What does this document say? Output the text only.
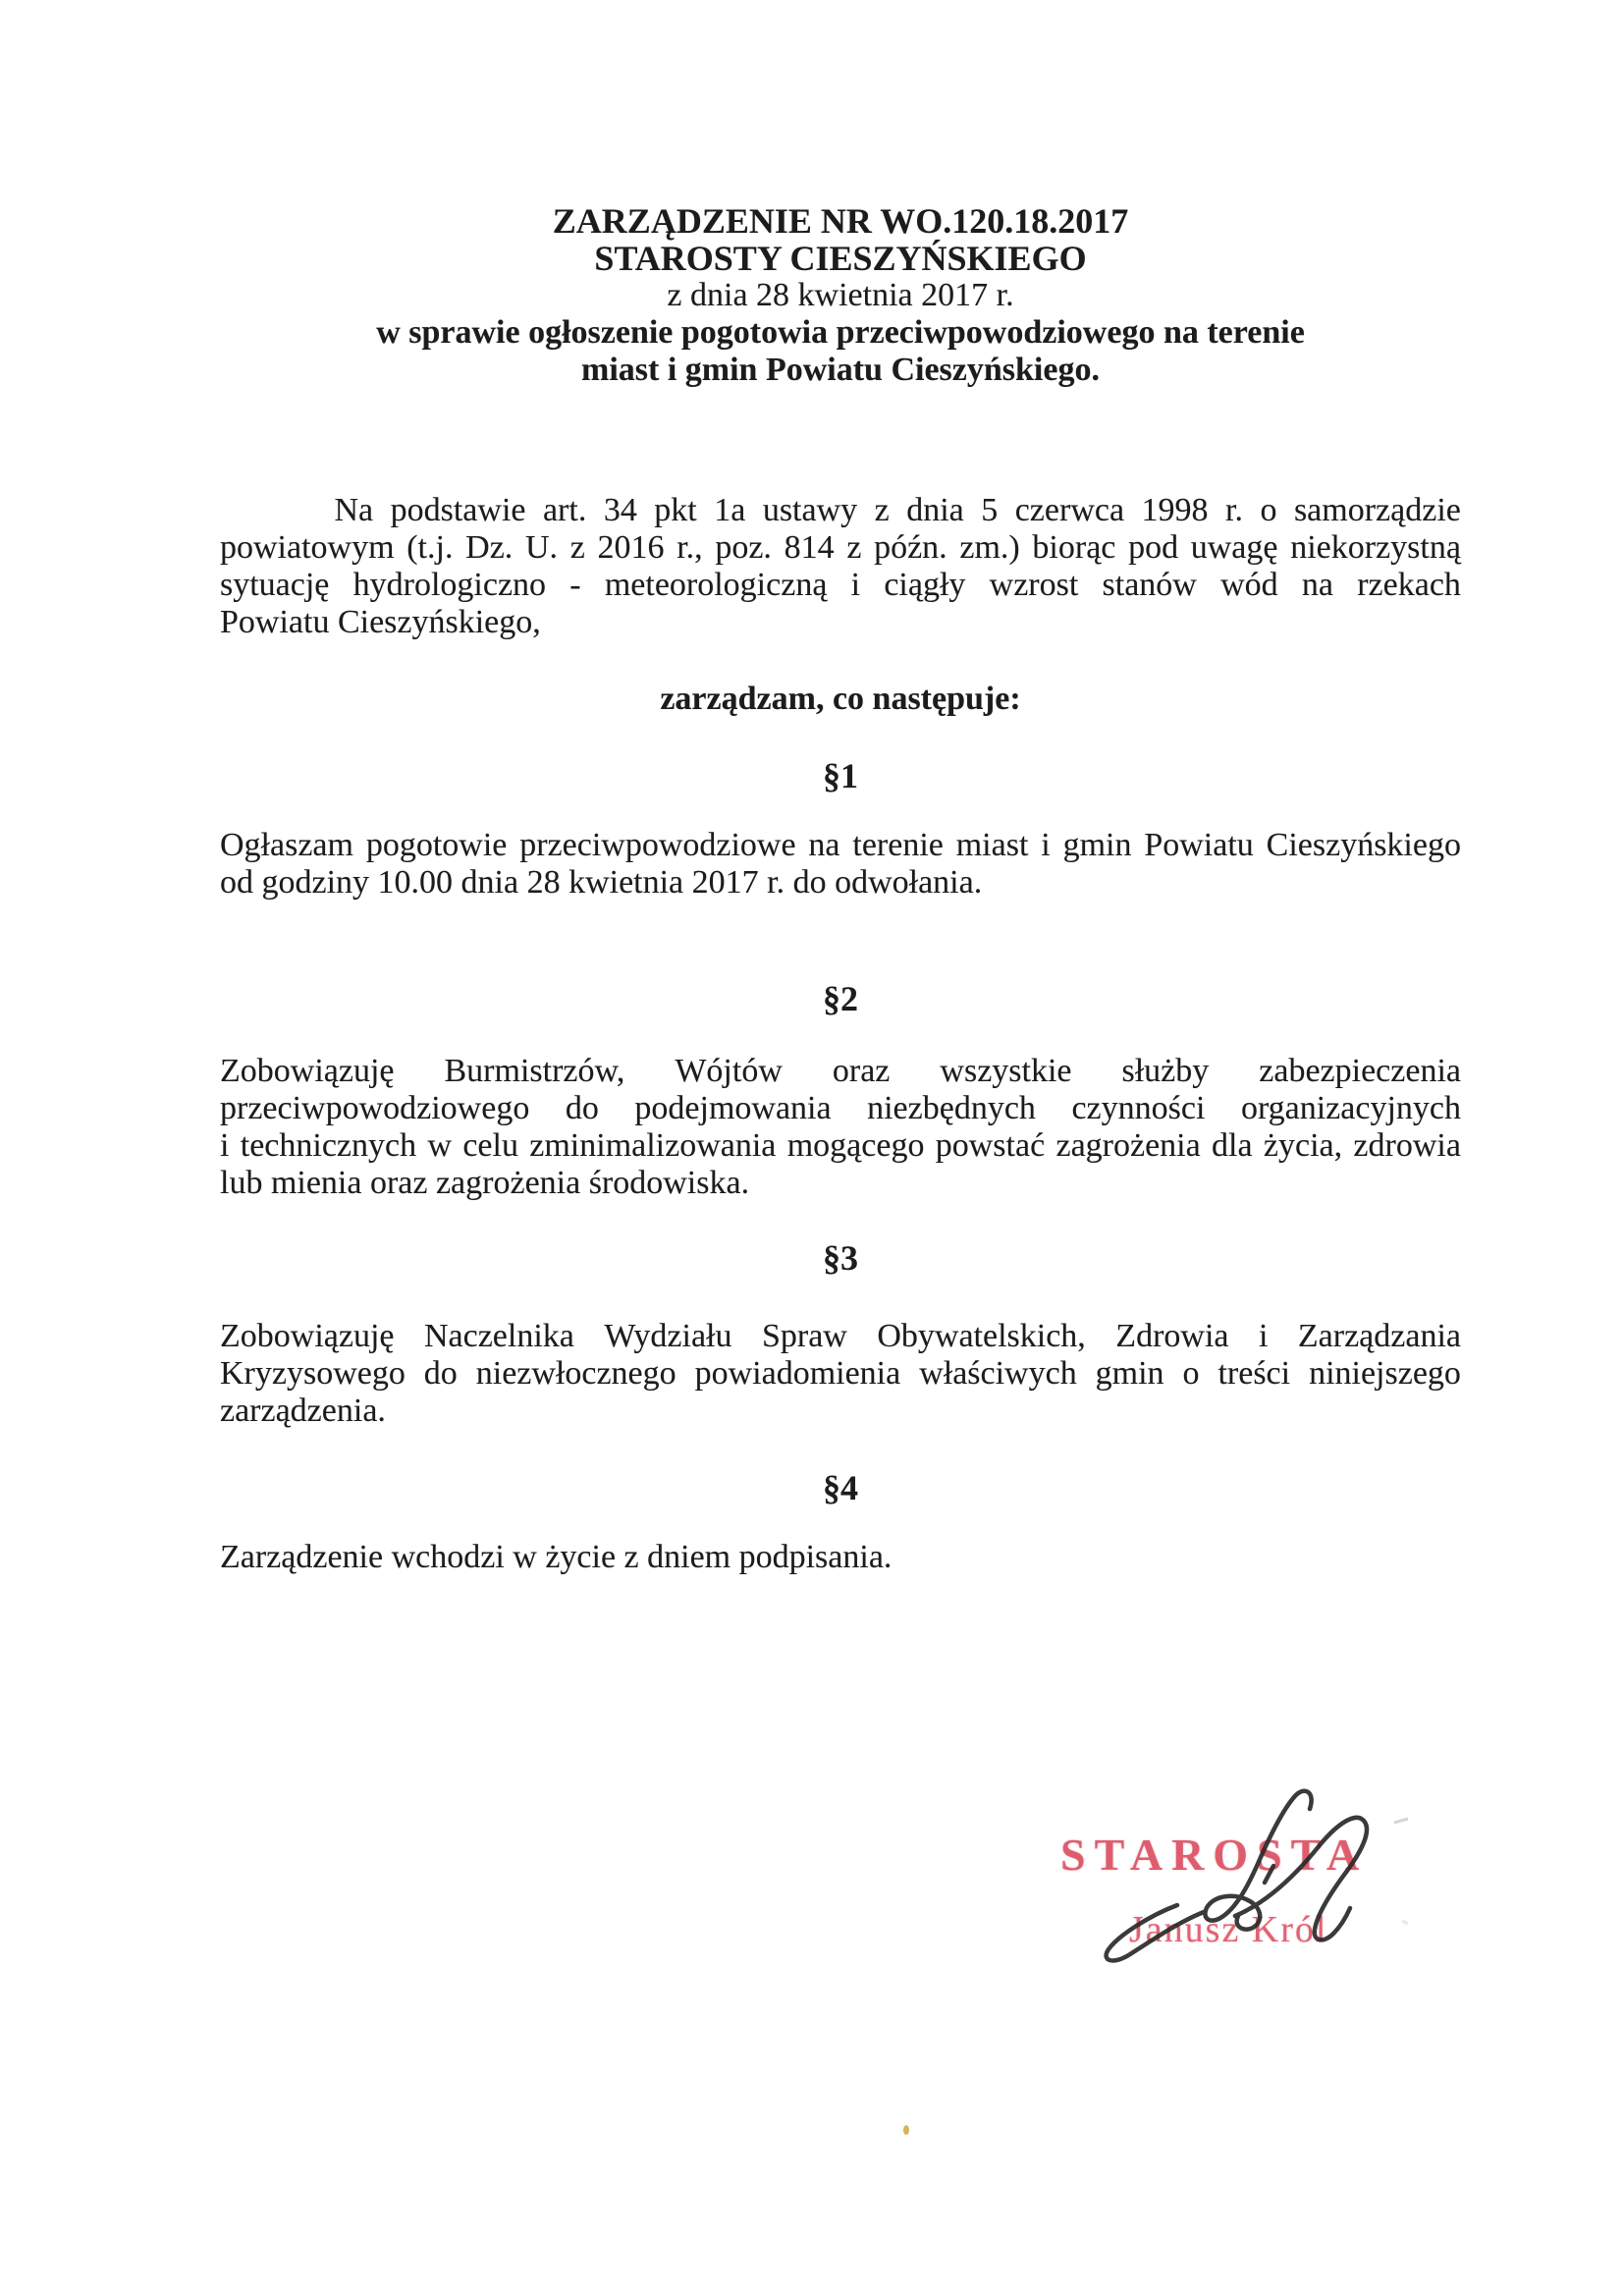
ZARZĄDZENIE NR WO.120.18.2017
STAROSTY CIESZYŃSKIEGO
z dnia 28 kwietnia 2017 r.
w sprawie ogłoszenie pogotowia przeciwpowodziowego na terenie
miast i gmin Powiatu Cieszyńskiego.
Na podstawie art. 34 pkt 1a ustawy z dnia 5 czerwca 1998 r. o samorządzie
powiatowym (t.j. Dz. U. z 2016 r., poz. 814 z późn. zm.) biorąc pod uwagę niekorzystną
sytuację hydrologiczno - meteorologiczną i ciągły wzrost stanów wód na rzekach
Powiatu Cieszyńskiego,
zarządzam, co następuje:
§1
Ogłaszam pogotowie przeciwpowodziowe na terenie miast i gmin Powiatu Cieszyńskiego
od godziny 10.00 dnia 28 kwietnia 2017 r. do odwołania.
§2
Zobowiązuję Burmistrzów, Wójtów oraz wszystkie służby zabezpieczenia
przeciwpowodziowego do podejmowania niezbędnych czynności organizacyjnych
i technicznych w celu zminimalizowania mogącego powstać zagrożenia dla życia, zdrowia
lub mienia oraz zagrożenia środowiska.
§3
Zobowiązuję Naczelnika Wydziału Spraw Obywatelskich, Zdrowia i Zarządzania
Kryzysowego do niezwłocznego powiadomienia właściwych gmin o treści niniejszego
zarządzenia.
§4
Zarządzenie wchodzi w życie z dniem podpisania.
STAROSTA
Janusz Król
